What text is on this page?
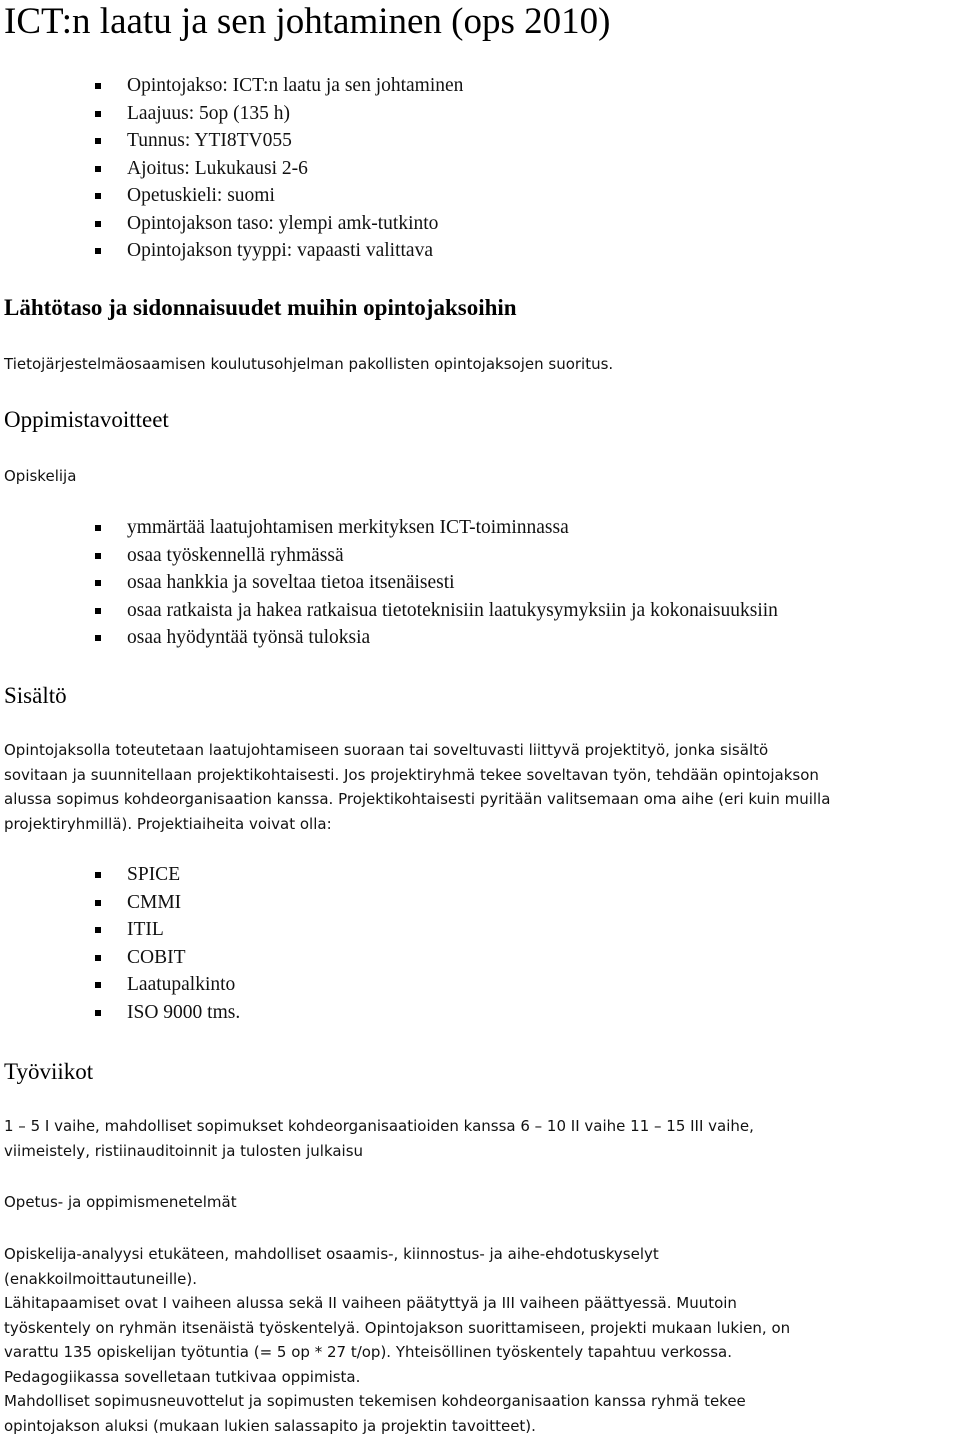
ICT:n laatu ja sen johtaminen (ops 2010)
Opintojakso: ICT:n laatu ja sen johtaminen
Laajuus: 5op (135 h)
Tunnus: YTI8TV055
Ajoitus: Lukukausi 2-6
Opetuskieli: suomi
Opintojakson taso: ylempi amk-tutkinto
Opintojakson tyyppi: vapaasti valittava
Lähtötaso ja sidonnaisuudet muihin opintojaksoihin
Tietojärjestelmäosaamisen koulutusohjelman pakollisten opintojaksojen suoritus.
Oppimistavoitteet
Opiskelija
ymmärtää laatujohtamisen merkityksen ICT-toiminnassa
osaa työskennellä ryhmässä
osaa hankkia ja soveltaa tietoa itsenäisesti
osaa ratkaista ja hakea ratkaisua tietoteknisiin laatukysymyksiin ja kokonaisuuksiin
osaa hyödyntää työnsä tuloksia
Sisältö
Opintojaksolla toteutetaan laatujohtamiseen suoraan tai soveltuvasti liittyvä projektityö, jonka sisältö
sovitaan ja suunnitellaan projektikohtaisesti. Jos projektiryhmä tekee soveltavan työn, tehdään opintojakson
alussa sopimus kohdeorganisaation kanssa. Projektikohtaisesti pyritään valitsemaan oma aihe (eri kuin muilla
projektiryhmillä). Projektiaiheita voivat olla:
SPICE
CMMI
ITIL
COBIT
Laatupalkinto
ISO 9000 tms.
Työviikot
1 – 5 I vaihe, mahdolliset sopimukset kohdeorganisaatioiden kanssa 6 – 10 II vaihe 11 – 15 III vaihe,
viimeistely, ristiinauditoinnit ja tulosten julkaisu
Opetus- ja oppimismenetelmät
Opiskelija-analyysi etukäteen, mahdolliset osaamis-, kiinnostus- ja aihe-ehdotuskyselyt
(enakkoilmoittautuneille).
Lähitapaamiset ovat I vaiheen alussa sekä II vaiheen päätyttyä ja III vaiheen päättyessä. Muutoin
työskentely on ryhmän itsenäistä työskentelyä. Opintojakson suorittamiseen, projekti mukaan lukien, on
varattu 135 opiskelijan työtuntia (= 5 op * 27 t/op). Yhteisöllinen työskentely tapahtuu verkossa.
Pedagogiikassa sovelletaan tutkivaa oppimista.
Mahdolliset sopimusneuvottelut ja sopimusten tekemisen kohdeorganisaation kanssa ryhmä tekee
opintojakson aluksi (mukaan lukien salassapito ja projektin tavoitteet).
